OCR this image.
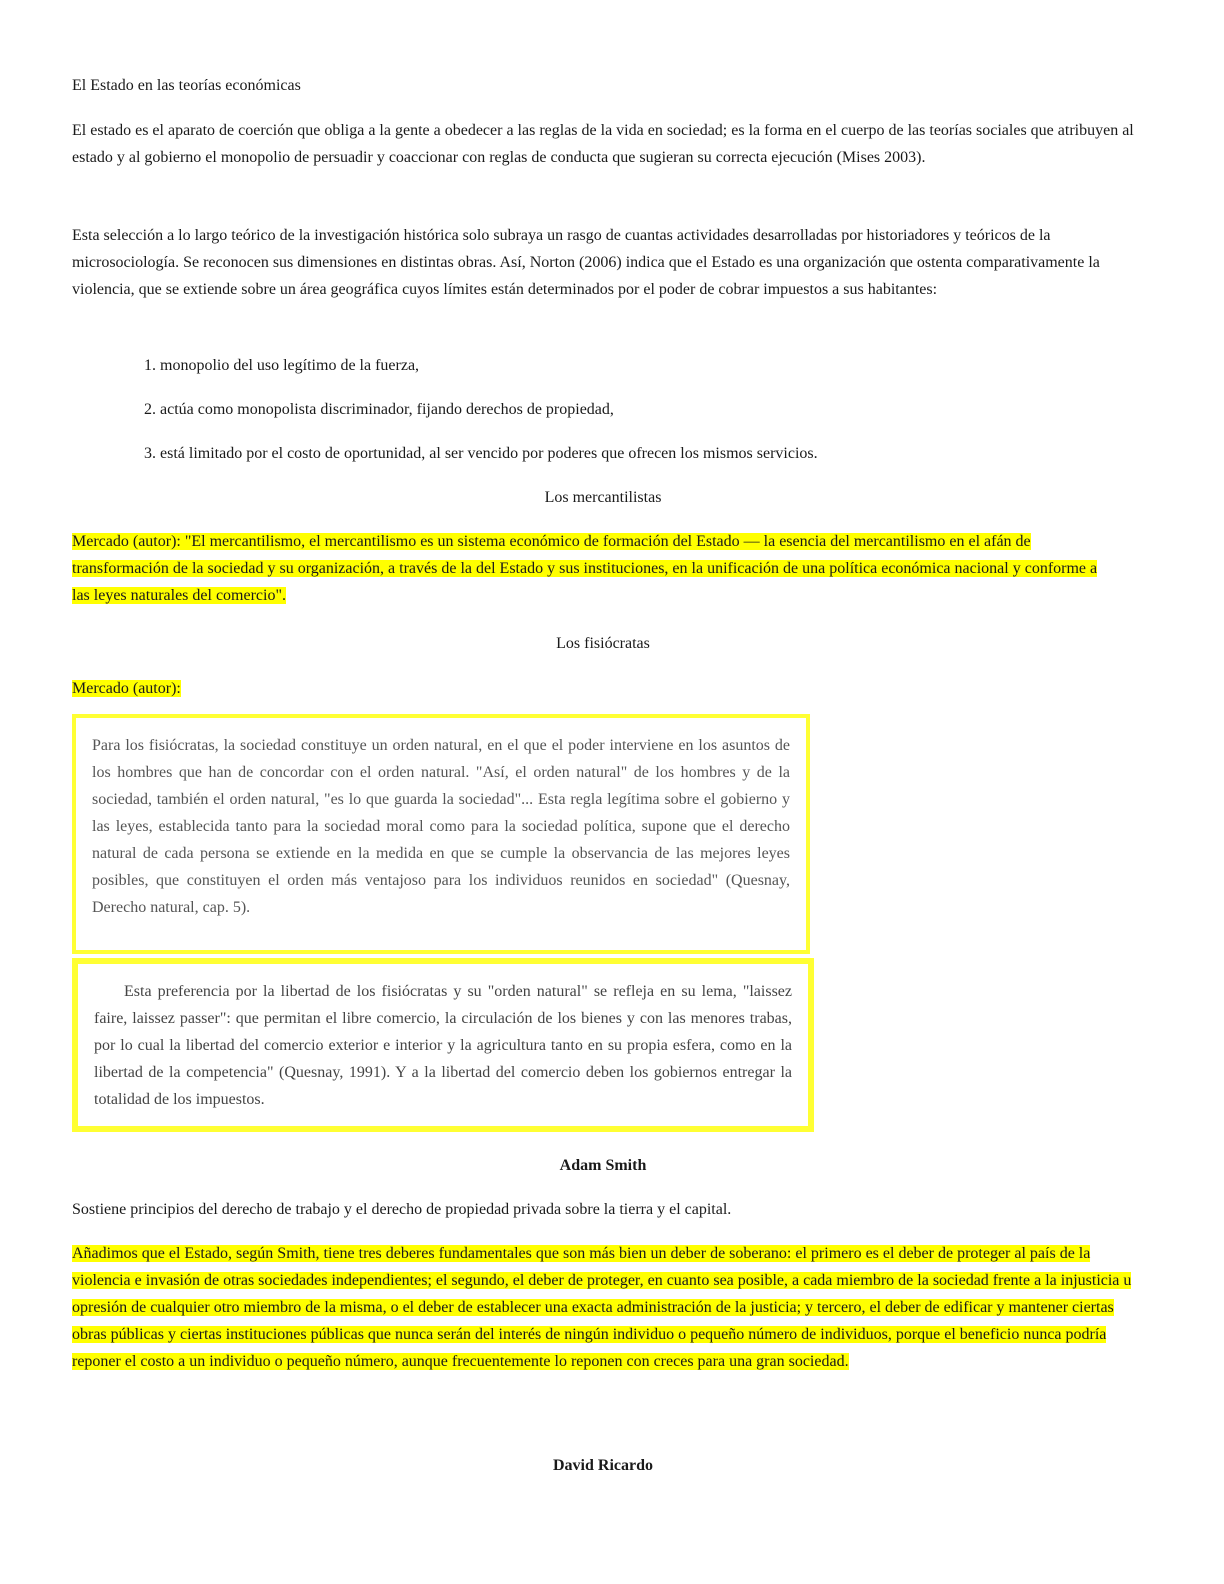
El Estado en las teorías económicas
El estado es el aparato de coerción que obliga a la gente a obedecer a las reglas de la vida en sociedad; es la forma en el cuerpo de las teorías sociales que atribuyen al estado y al gobierno el monopolio de persuadir y coaccionar con reglas de conducta que sugieran su correcta ejecución (Mises 2003).
Esta selección a lo largo teórico de la investigación histórica solo subraya un rasgo de cuantas actividades desarrolladas por historiadores y teóricos de la microsociología. Se reconocen sus dimensiones en distintas obras. Así, Norton (2006) indica que el Estado es una organización que ostenta comparativamente la violencia, que se extiende sobre un área geográfica cuyos límites están determinados por el poder de cobrar impuestos a sus habitantes:
1. monopolio del uso legítimo de la fuerza,
2. actúa como monopolista discriminador, fijando derechos de propiedad,
3. está limitado por el costo de oportunidad, al ser vencido por poderes que ofrecen los mismos servicios.
Los mercantilistas
Mercado (autor): "El mercantilismo, el mercantilismo es un sistema económico de formación del Estado — la esencia del mercantilismo en el afán de transformación de la sociedad y su organización, a través de la del Estado y sus instituciones, en la unificación de una política económica nacional y conforme a las leyes naturales del comercio".
Los fisiócratas
Mercado (autor):
Para los fisiócratas, la sociedad constituye un orden natural, en el que el poder interviene en los asuntos de los hombres que han de concordar con el orden natural. "Así, el orden natural" de los hombres y de la sociedad, también el orden natural, "es lo que guarda la sociedad"... Esta regla legítima sobre el gobierno y las leyes, establecida tanto para la sociedad moral como para la sociedad política, supone que el derecho natural de cada persona se extiende en la medida en que se cumple la observancia de las mejores leyes posibles, que constituyen el orden más ventajoso para los individuos reunidos en sociedad" (Quesnay, Derecho natural, cap. 5).
Esta preferencia por la libertad de los fisiócratas y su "orden natural" se refleja en su lema, "laissez faire, laissez passer": que permitan el libre comercio, la circulación de los bienes y con las menores trabas, por lo cual la libertad del comercio exterior e interior y la agricultura tanto en su propia esfera, como en la libertad de la competencia" (Quesnay, 1991). Y a la libertad del comercio deben los gobiernos entregar la totalidad de los impuestos.
Adam Smith
Sostiene principios del derecho de trabajo y el derecho de propiedad privada sobre la tierra y el capital.
Añadimos que el Estado, según Smith, tiene tres deberes fundamentales que son más bien un deber de soberano: el primero es el deber de proteger al país de la violencia e invasión de otras sociedades independientes; el segundo, el deber de proteger, en cuanto sea posible, a cada miembro de la sociedad frente a la injusticia u opresión de cualquier otro miembro de la misma, o el deber de establecer una exacta administración de la justicia; y tercero, el deber de edificar y mantener ciertas obras públicas y ciertas instituciones públicas que nunca serán del interés de ningún individuo o pequeño número de individuos, porque el beneficio nunca podría reponer el costo a un individuo o pequeño número, aunque frecuentemente lo reponen con creces para una gran sociedad.
David Ricardo
